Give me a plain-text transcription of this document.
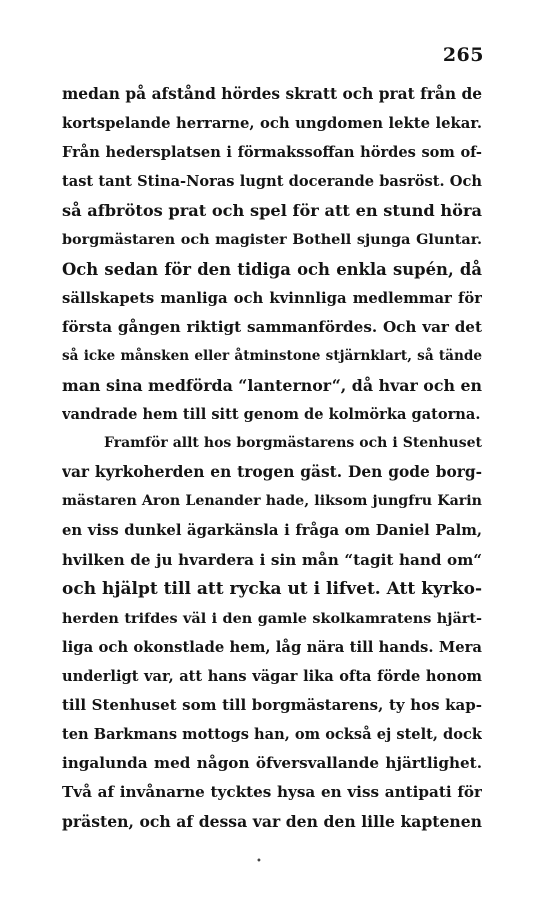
265
medan på afstånd hördes skratt och prat från de
kortspelande herrarne, och ungdomen lekte lekar.
Från hedersplatsen i förmakssoffan hördes som of-
tast tant Stina-Noras lugnt docerande basröst. Och
så afbrötos prat och spel för att en stund höra
borgmästaren och magister Bothell sjunga Gluntar.
Och sedan för den tidiga och enkla supén, då
sällskapets manliga och kvinnliga medlemmar för
första gången riktigt sammanfördes. Och var det
så icke månsken eller åtminstone stjärnklart, så tände
man sina medförda “lanternor“, då hvar och en
vandrade hem till sitt genom de kolmörka gatorna.
Framför allt hos borgmästarens och i Stenhuset
var kyrkoherden en trogen gäst. Den gode borg-
mästaren Aron Lenander hade, liksom jungfru Karin
en viss dunkel ägarkänsla i fråga om Daniel Palm,
hvilken de ju hvardera i sin mån “tagit hand om“
och hjälpt till att rycka ut i lifvet. Att kyrko-
herden trifdes väl i den gamle skolkamratens hjärt-
liga och okonstlade hem, låg nära till hands. Mera
underligt var, att hans vägar lika ofta förde honom
till Stenhuset som till borgmästarens, ty hos kap-
ten Barkmans mottogs han, om också ej stelt, dock
ingalunda med någon öfversvallande hjärtlighet.
Två af invånarne tycktes hysa en viss antipati för
prästen, och af dessa var den den lille kaptenen
•
